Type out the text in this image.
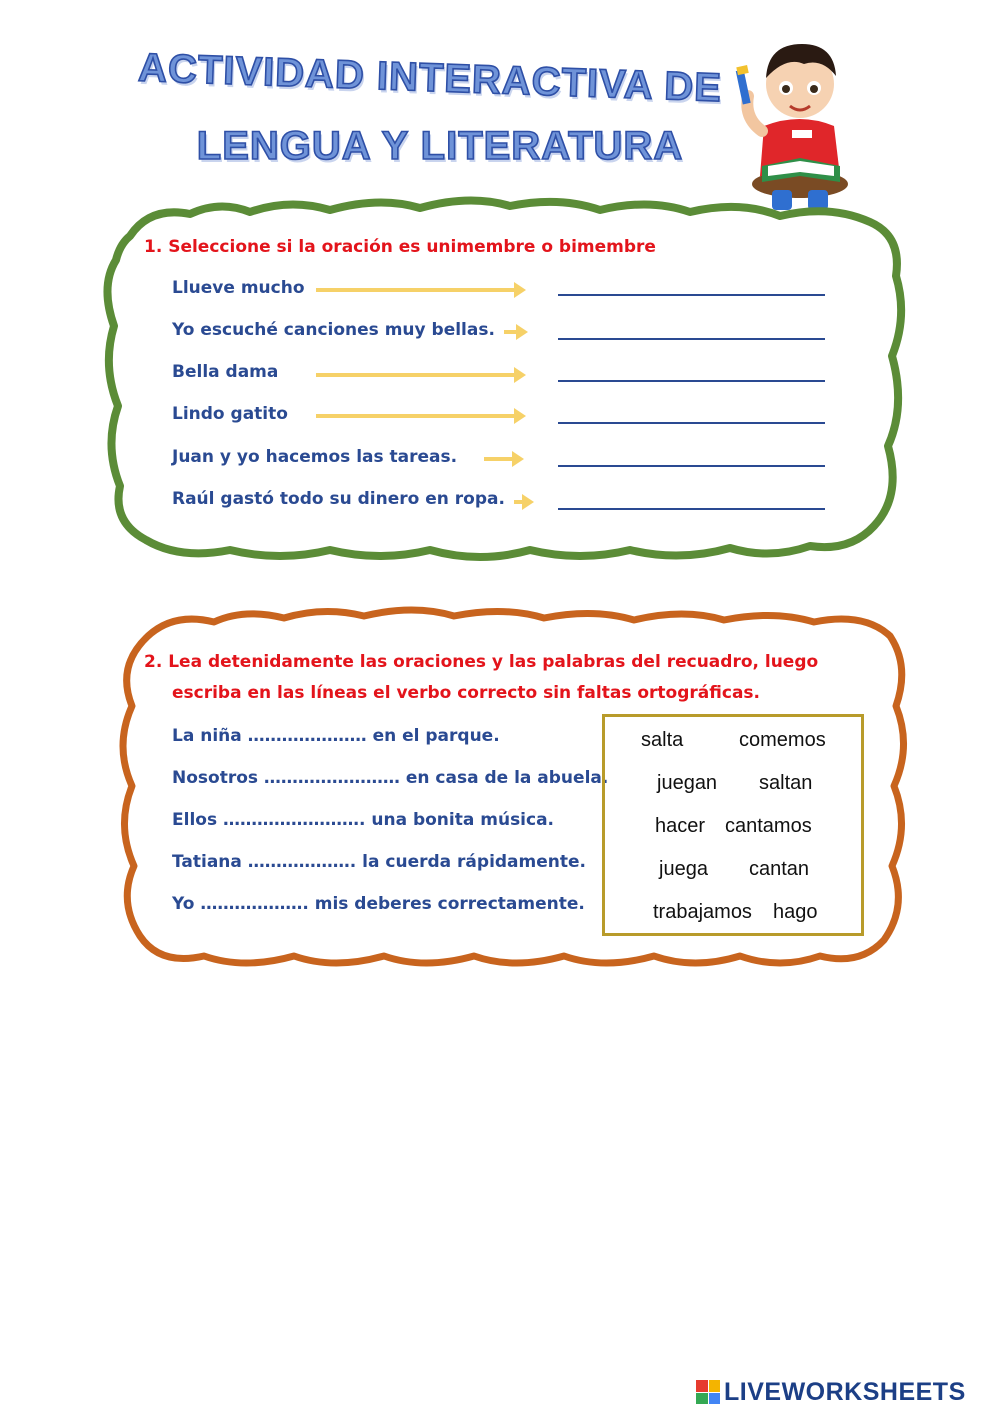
ACTIVIDAD INTERACTIVA DE
LENGUA Y LITERATURA

1. Seleccione si la oración es unimembre o bimembre

Llueve mucho
Yo escuché canciones muy bellas.
Bella dama
Lindo gatito
Juan y yo hacemos las tareas.
Raúl gastó todo su dinero en ropa.

2. Lea detenidamente las oraciones y las palabras del recuadro, luego

escriba en las líneas el verbo correcto sin faltas ortográficas.

La niña ………………… en el parque.
Nosotros …………………… en casa de la abuela.
Ellos ……………………. una bonita música.
Tatiana ………………. la cuerda rápidamente.
Yo ………………. mis deberes correctamente.
salta	comemos
juegan saltan
hacer cantamos
juega cantan
trabajamos hago
LIVEWORKSHEETS
